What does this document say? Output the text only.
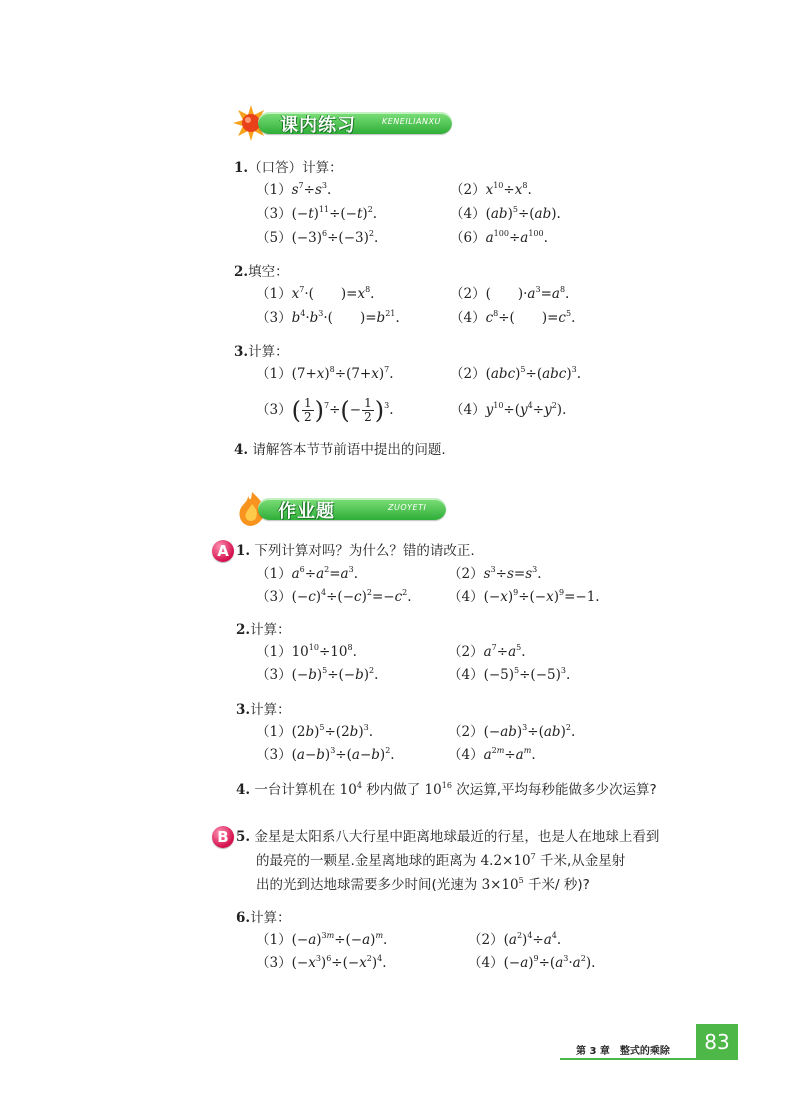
课内练习	KENEILIANXU
1.（口答）计算：
$(1)s^7\div s^3$.	$(2)x^{10}\div x^8$.
$(3)(-t)^{11}\div(-t)^2$.	（4）(ab)$^5$÷(ab).
$(5)(-3)^6\div(-3)^2$.	$(6)a^{100}\div a^{100}$.
2.填空：
$(1)x^7\cdot$(　　)$=x^8$.	（2）(　　)$\cdot a^3=a^8$.
$(3)b^4\cdot b^3\cdot$(　　)$=b^{21}$.	$(4)c^8\div$(　　)$=c^5$.
3.计算：
$(1)(7+x)^8\div(7+x)^7$.	（2）(abc)$^5$÷(abc)$^3$.
$(3)( \frac{1}{2} )^7\div(- \frac{1}{2} )^3$.	$(4)y^{10}\div(y^4\div y^2)$.
4. 请解答本节节前语中提出的问题.
作业题	ZUOYETI
A 1. 下列计算对吗？为什么？错的请改正.
$(1)a^6\div a^2=a^3$.	$(2)s^3\div s=s^3$.
$(3)(-c)^4\div(-c)^2=-c^2$.	$(4)(-x)^9\div(-x)^9=-1$.
2.计算：
$(1)10^{10}\div 10^8$.	$(2)a^7\div a^5$.
$(3)(-b)^5\div(-b)^2$.	$(4)(-5)^5\div(-5)^3$.
3.计算：
$(1)(2b)^5\div(2b)^3$.	$(2)(-ab)^3\div(ab)^2$.
$(3)(a-b)^3\div(a-b)^2$.	$(4)a^{2m}\div a^m$.
4. 一台计算机在 $10^4$ 秒内做了 $10^{16}$ 次运算,平均每秒能做多少次运算?
B 5. 金星是太阳系八大行星中距离地球最近的行星，也是人在地球上看到
的最亮的一颗星.金星离地球的距离为 $4.2\times 10^7$ 千米,从金星射
出的光到达地球需要多少时间(光速为 $3\times 10^5$ 千米/ 秒)?
6.计算：
$(1)(-a)^{3m}\div(-a)^m$.	$(2)(a^2)^4\div a^4$.
$(3)(-x^3)^6\div(-x^2)^4$.	$(4)(-a)^9\div(a^3\cdot a^2)$.
第 3 章　整式的乘除	83
